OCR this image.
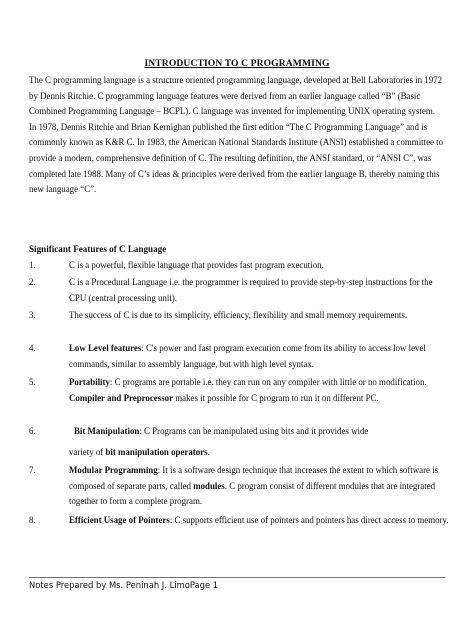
INTRODUCTION TO C PROGRAMMING

The C programming language is a structure oriented programming language, developed at Bell Laboratories in 1972 by Dennis Ritchie. C programming language features were derived from an earlier language called “B” (Basic Combined Programming Language – BCPL). C language was invented for implementing UNIX operating system.

In 1978, Dennis Ritchie and Brian Kernighan published the first edition “The C Programming Language” and is commonly known as K&R C. In 1983, the American National Standards Institute (ANSI) established a committee to provide a modern, comprehensive definition of C. The resulting definition, the ANSI standard, or “ANSI C”, was completed late 1988. Many of C’s ideas & principles were derived from the earlier language B, thereby naming this new language “C”.

Significant Features of C Language
1.	C is a powerful, flexible language that provides fast program execution.
2.	C is a Procedural Language i.e. the programmer is required to provide step-by-step instructions for the CPU (central processing unit).
3.	The success of C is due to its simplicity, efficiency, flexibility and small memory requirements.
4.	Low Level features: C's power and fast program execution come from its ability to access low level commands, similar to assembly language, but with high level syntax.
5.	Portability: C programs are portable i.e. they can run on any compiler with little or no modification. Compiler and Preprocessor makes it possible for C program to run it on different PC.
6.	Bit Manipulation: C Programs can be manipulated using bits and it provides wide
variety of bit manipulation operators.
7.	Modular Programming: It is a software design technique that increases the extent to which software is composed of separate parts, called modules. C program consist of different modules that are integrated together to form a complete program.
8.	Efficient Usage of Pointers: C supports efficient use of pointers and pointers has direct access to memory.
Notes Prepared by Ms. Peninah J. LimoPage 1
